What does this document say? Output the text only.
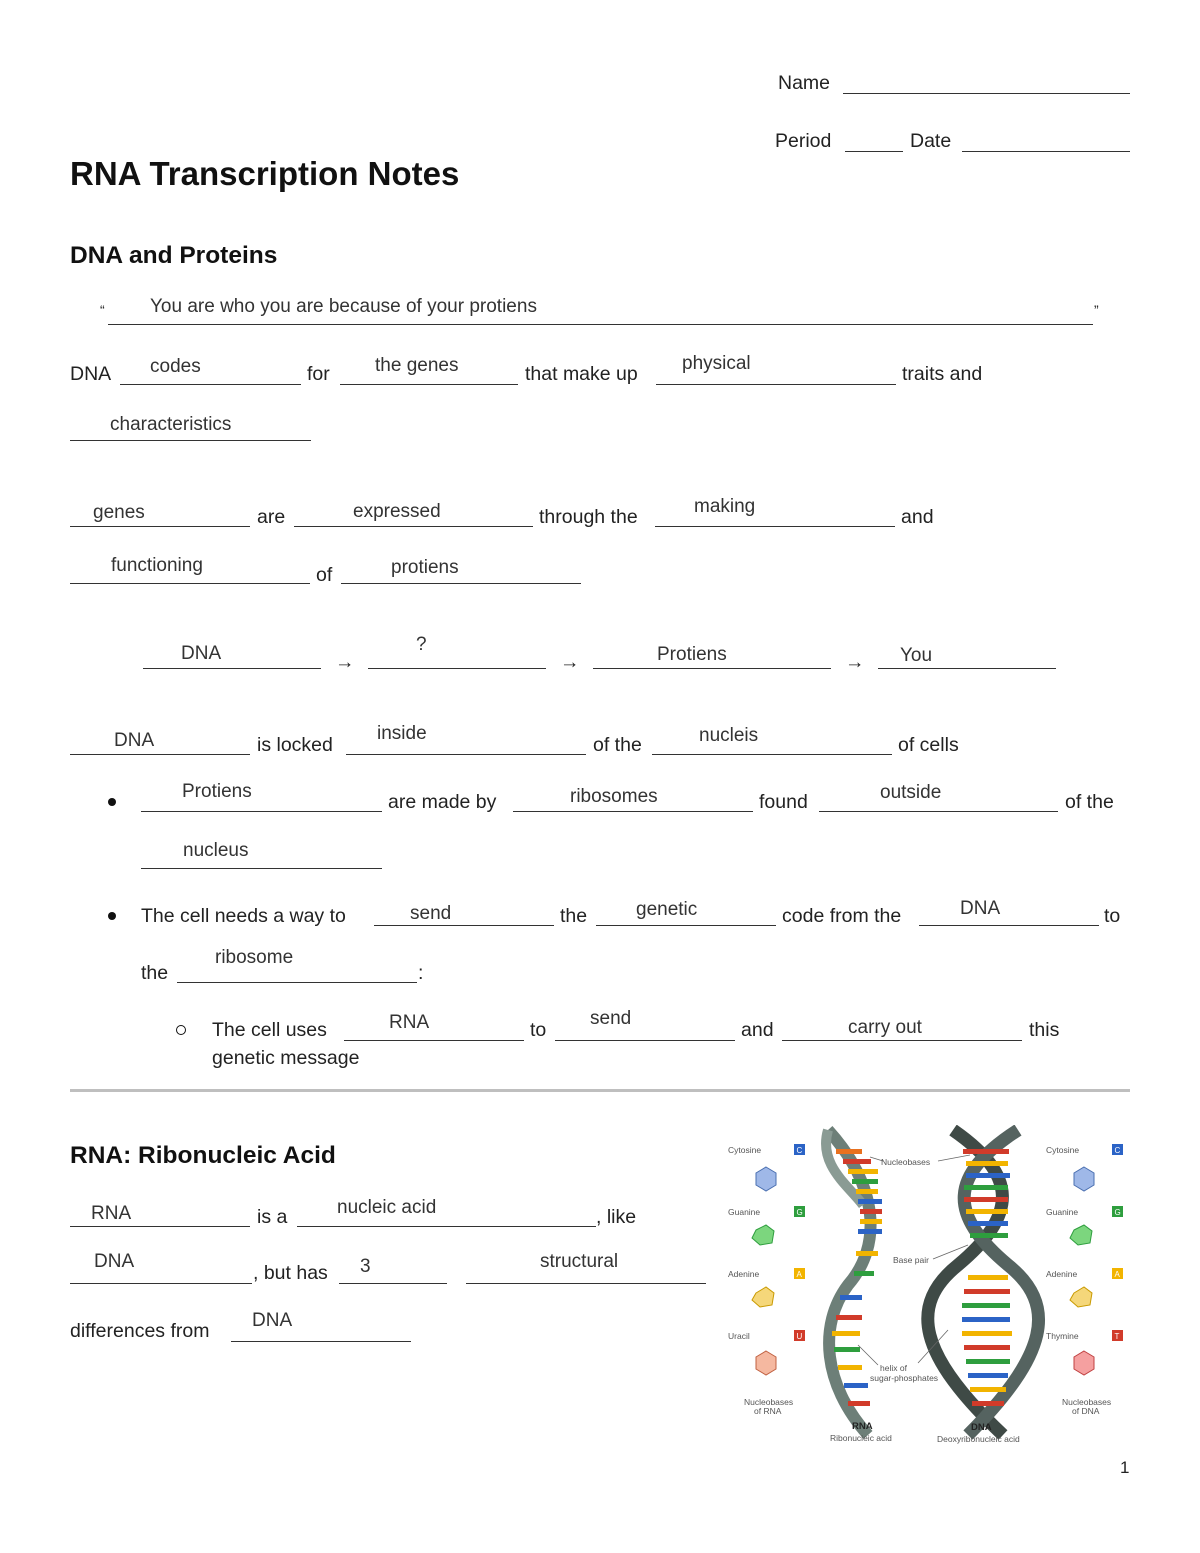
Name
Period	Date
RNA Transcription Notes
DNA and Proteins
“ You are who you are because of your protiens	”
DNA codes	for the genes	that make up physical	traits and
characteristics
genes	are	expressed	through the	making	and
functioning	of	protiens
DNA	→
?
→	Protiens	→ You
DNA	is locked
inside
of the	nucleis	of cells
Protiens	are made by	ribosomes	found	outside	of the
nucleus
The cell needs a way to	send	the	genetic	code from the	DNA	to
the
ribosome
:
The cell uses	RNA	to
send
and	carry out	this
genetic message
RNA: Ribonucleic Acid
RNA	is a	nucleic acid	, like
DNA
, but has 3	structural
differences from DNA
Nucleobases
Base pair
helix of
sugar-phosphates
Cytosine	C
Guanine	G
Adenine	A
Uracil	U
Nucleobases
of RNA
Cytosine	C
Guanine	G
Adenine	A
Thymine	T
Nucleobases
of DNA
RNA
Ribonucleic acid
DNA
Deoxyribonucleic acid
1
